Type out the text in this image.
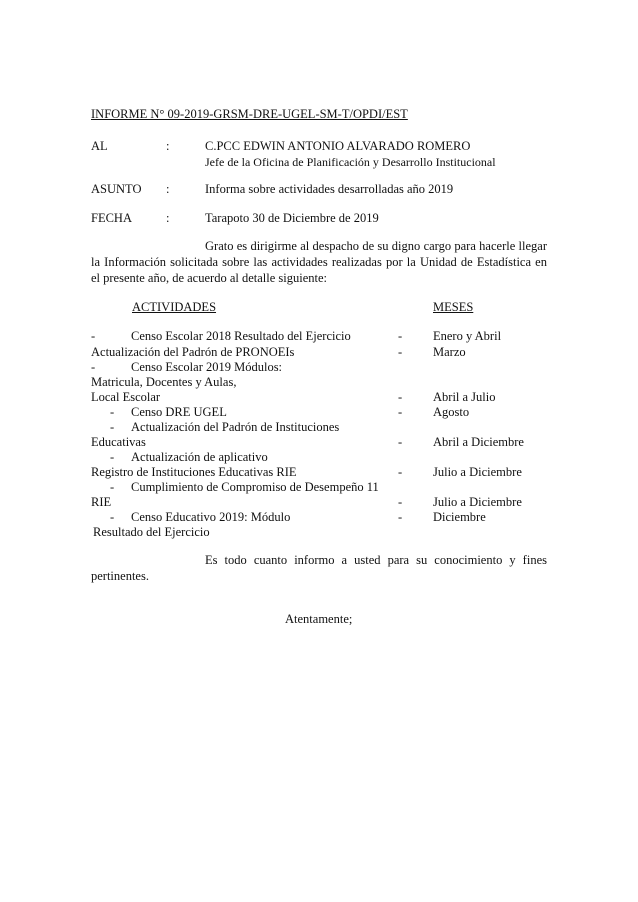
INFORME N° 09-2019-GRSM-DRE-UGEL-SM-T/OPDI/EST
AL	:	C.PCC EDWIN ANTONIO ALVARADO ROMERO
Jefe de la Oficina de Planificación y Desarrollo Institucional
ASUNTO :	Informa sobre actividades desarrolladas año 2019
FECHA	:	Tarapoto 30 de Diciembre de 2019
Grato es dirigirme al despacho de su digno cargo para hacerle llegar
la Información solicitada sobre las actividades realizadas por la Unidad de Estadística en
el presente año, de acuerdo al detalle siguiente:
ACTIVIDADES	MESES
-	Censo Escolar 2018 Resultado del Ejercicio	- Enero y Abril
Actualización del Padrón de PRONOEIs	- Marzo
-	Censo Escolar 2019 Módulos:
Matricula, Docentes y Aulas,
Local Escolar	- Abril a Julio
- Censo DRE UGEL	- Agosto
- Actualización del Padrón de Instituciones
Educativas	- Abril a Diciembre
- Actualización de aplicativo
Registro de Instituciones Educativas RIE	- Julio a Diciembre
- Cumplimiento de Compromiso de Desempeño 11
RIE	- Julio a Diciembre
- Censo Educativo 2019: Módulo	- Diciembre
Resultado del Ejercicio
Es todo cuanto informo a usted para su conocimiento y fines
pertinentes.
Atentamente;
